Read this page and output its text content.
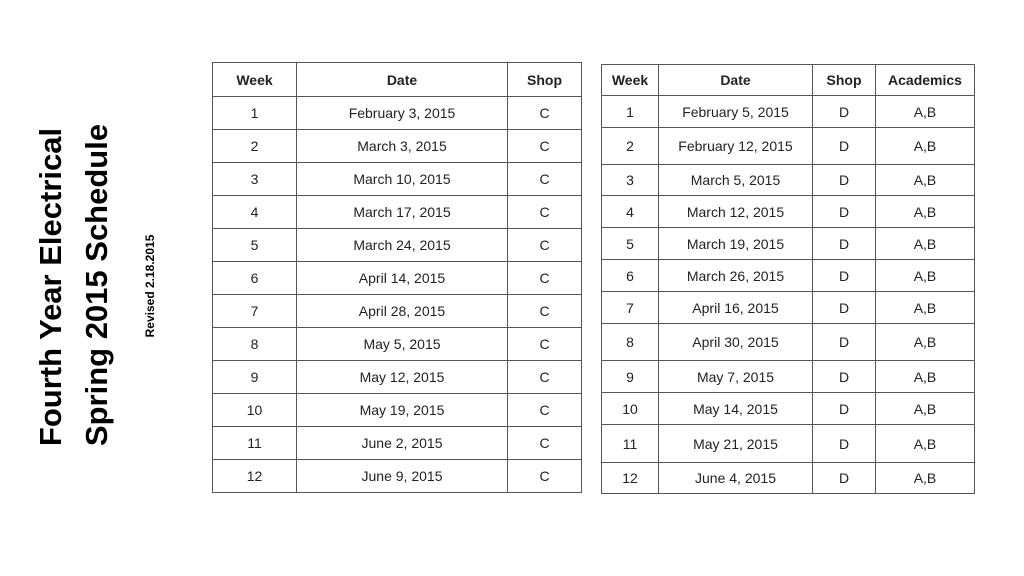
Fourth Year Electrical Spring 2015 Schedule	Revised 2.18.2015
Week	Date	Shop
1	February 3, 2015	C
2	March 3, 2015	C
3	March 10, 2015	C
4	March 17, 2015	C
5	March 24, 2015	C
6	April 14, 2015	C
7	April 28, 2015	C
8	May 5, 2015	C
9	May 12, 2015	C
10	May 19, 2015	C
11	June 2, 2015	C
12	June 9, 2015	C
Week	Date	Shop	Academics
1	February 5, 2015	D	A,B
2	February 12, 2015	D	A,B
3	March 5, 2015	D	A,B
4	March 12, 2015	D	A,B
5	March 19, 2015	D	A,B
6	March 26, 2015	D	A,B
7	April 16, 2015	D	A,B
8	April 30, 2015	D	A,B
9	May 7, 2015	D	A,B
10	May 14, 2015	D	A,B
11	May 21, 2015	D	A,B
12	June 4, 2015	D	A,B
